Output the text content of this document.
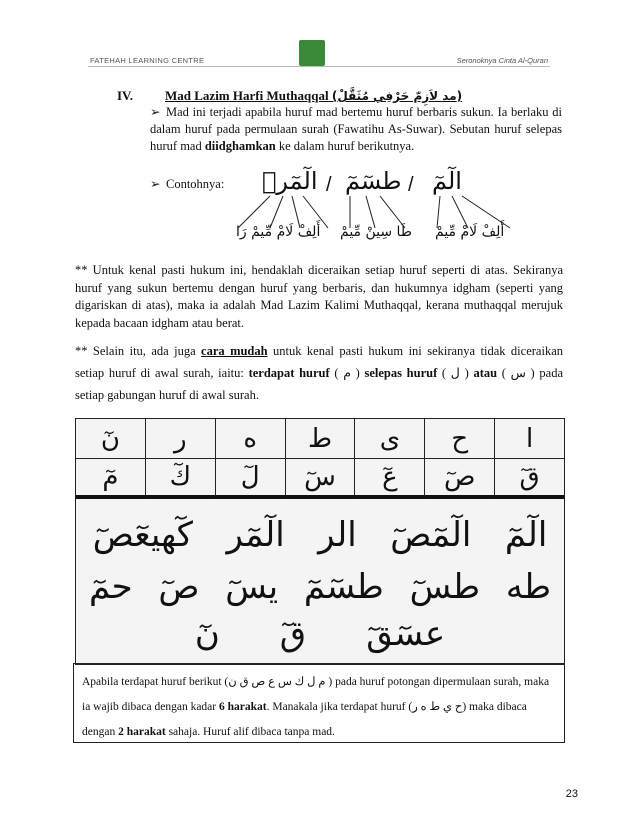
FATEHAH LEARNING CENTRE	Seronoknya Cinta Al-Quran
IV. Mad Lazim Harfi Muthaqqal (مد لاَزِمّ حَرْفِي مُثَقَّلْ)
➢ Mad ini terjadi apabila huruf mad bertemu huruf berbaris sukun. Ia berlaku di dalam huruf pada permulaan surah (Fawatihu As-Suwar). Sebutan huruf selepas huruf mad diidghamkan ke dalam huruf berikutnya.
➢ Contohnya:	الٓمٓرۚ / طسٓمٓ / الٓمٓ
أَلِفْ لَامْ مِّيمْ رَا طَا سِينْ مِّيمْ أَلِفْ لَامْ مِّيمْ
** Untuk kenal pasti hukum ini, hendaklah diceraikan setiap huruf seperti di atas. Sekiranya huruf yang sukun bertemu dengan huruf yang berbaris, dan hukumnya idgham (seperti yang digariskan di atas), maka ia adalah Mad Lazim Kalimi Muthaqqal, kerana muthaqqal merujuk kepada bacaan idgham atau berat.
** Selain itu, ada juga cara mudah untuk kenal pasti hukum ini sekiranya tidak diceraikan setiap huruf di awal surah, iaitu: terdapat huruf ( م ) selepas huruf ( ل ) atau ( س ) pada setiap gabungan huruf di awal surah.
نٓ	ر	ه	ط	ى	ح	ا
مٓ	كٓ	لٓ	سٓ	عٓ	صٓ	قٓ
الٓمٓ
الٓمٓصٓ
الر
الٓمٓر
كٓهيعٓصٓ
طه
طسٓ
طسٓمٓ
يسٓ
صٓ
حمٓ
عسٓقٓ
قٓ
نٓ
Apabila terdapat huruf berikut (م ل ك س ع ص ق ن ) pada huruf potongan dipermulaan surah, maka ia wajib dibaca dengan kadar 6 harakat. Manakala jika terdapat huruf (ح ي ط ه ر) maka dibaca dengan 2 harakat sahaja. Huruf alif dibaca tanpa mad.
23
